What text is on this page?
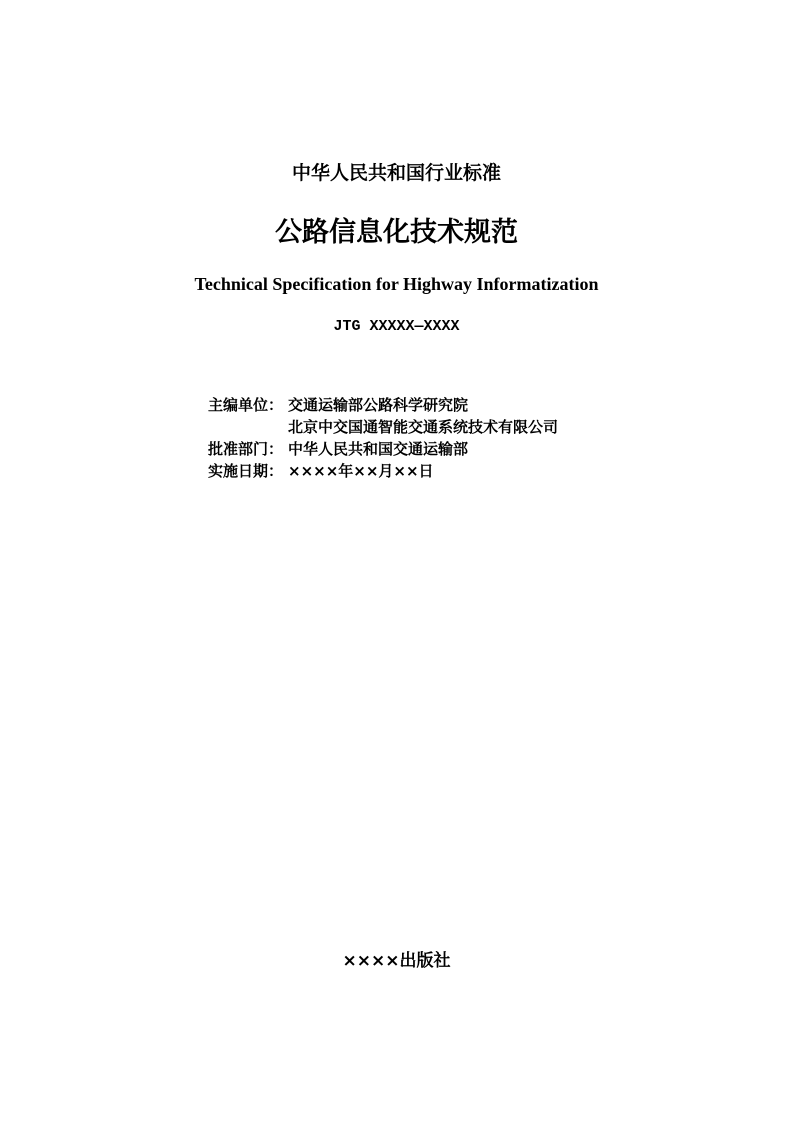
中华人民共和国行业标准
公路信息化技术规范
Technical Specification for Highway Informatization
JTG XXXXX—XXXX
主编单位： 交通运输部公路科学研究院
北京中交国通智能交通系统技术有限公司
批准部门： 中华人民共和国交通运输部
实施日期： ××××年××月××日
××××出版社
